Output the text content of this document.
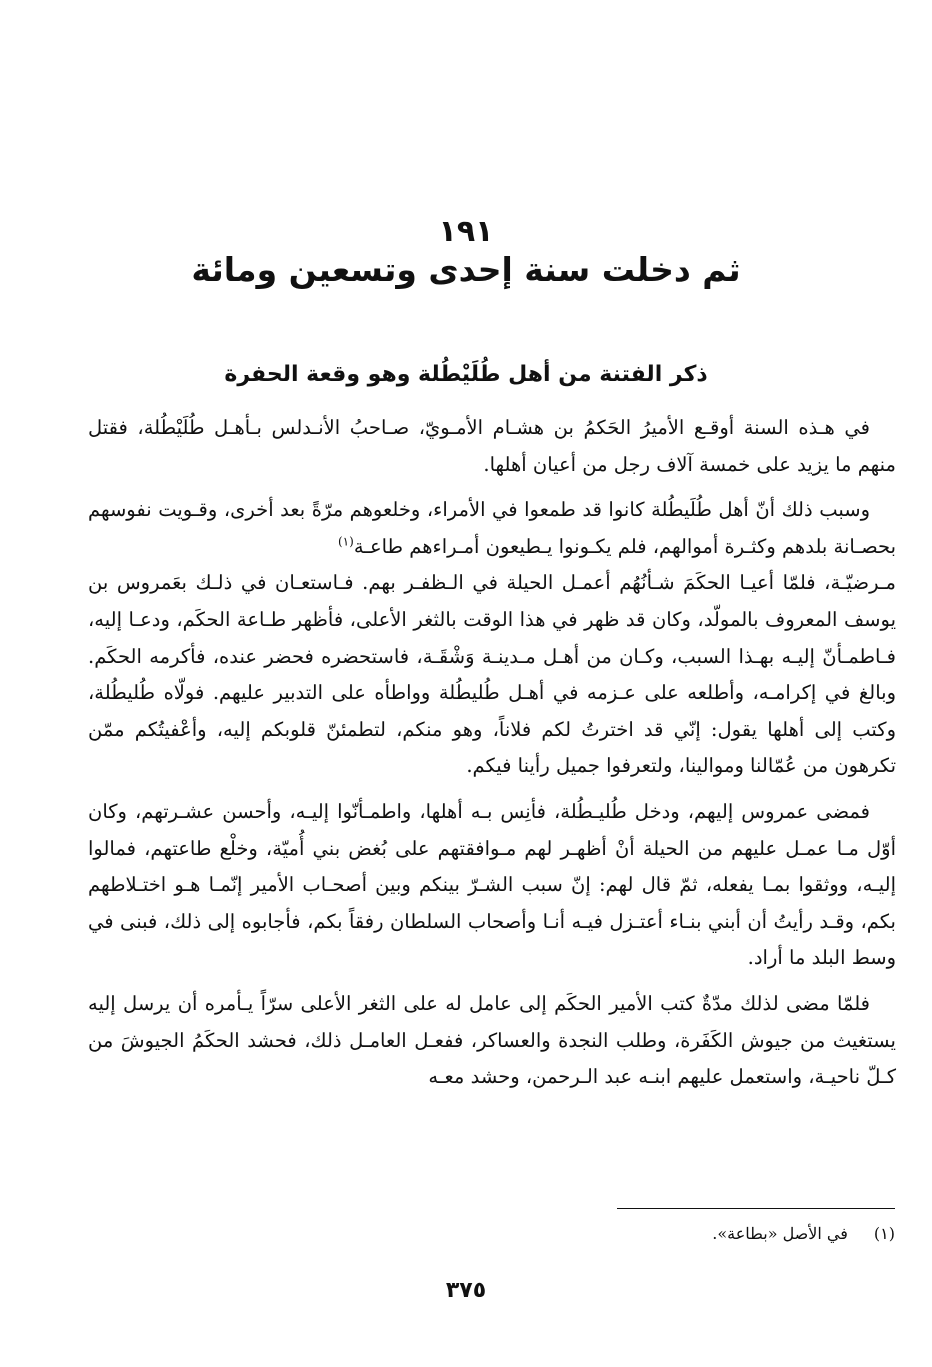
١٩١
ثم دخلت سنة إحدى وتسعين ومائة
ذكر الفتنة من أهل طُلَيْطُلة وهو وقعة الحفرة

في هـذه السنة أوقـع الأميرُ الحَكمُ بن هشـام الأمـويّ، صـاحبُ الأنـدلس بـأهـل طُلَيْطُلة، فقتل منهم ما يزيد على خمسة آلاف رجل من أعيان أهلها.

وسبب ذلك أنّ أهل طُلَيطُلة كانوا قد طمعوا في الأمراء، وخلعوهم مرّةً بعد أخرى، وقـويت نفوسهم بحصـانة بلدهم وكثـرة أموالهم، فلم يكـونوا يـطيعون أمـراءهم طاعـة$^{(١)}$

مـرضيّـة، فلمّا أعيـا الحكَمَ شـأنُهُم أعمـل الحيلة في الـظفـر بهم. فـاستعـان في ذلـك بعَمروس بن يوسف المعروف بالمولّد، وكان قد ظهر في هذا الوقت بالثغر الأعلى، فأظهر طـاعة الحكَم، ودعـا إليه، فـاطمـأنّ إليـه بهـذا السبب، وكـان من أهـل مـدينـة وَشْقَـة، فاستحضره فحضر عنده، فأكرمه الحكَم. وبالغ في إكرامـه، وأطلعه على عـزمه في أهـل طُليطُلة وواطأه على التدبير عليهم. فولّاه طُليطُلة، وكتب إلى أهلها يقول: إنّي قد اخترتُ لكم فلاناً، وهو منكم، لتطمئنّ قلوبكم إليه، وأعْفيتُكم ممّن تكرهون من عُمّالنا وموالينا، ولتعرفوا جميل رأينا فيكم.

فمضى عمروس إليهم، ودخل طُليـطُلة، فأنِس بـه أهلها، واطمـأنّوا إليـه، وأحسن عشـرتهم، وكان أوّل مـا عمـل عليهم من الحيلة أنْ أظهـر لهم مـوافقتهم على بُغض بني أُميّة، وخلْع طاعتهم، فمالوا إليـه، ووثقوا بمـا يفعله، ثمّ قال لهم: إنّ سبب الشـرّ بينكم وبين أصحـاب الأمير إنّمـا هـو اختـلاطهم بكم، وقـد رأيتُ أن أبني بنـاء أعتـزل فيـه أنـا وأصحاب السلطان رفقاً بكم، فأجابوه إلى ذلك، فبنى في وسط البلد ما أراد.

فلمّا مضى لذلك مدّةٌ كتب الأمير الحكَم إلى عامل له على الثغر الأعلى سرّاً يـأمره أن يرسل إليه يستغيث من جيوش الكَفَرة، وطلب النجدة والعساكر، ففعـل العامـل ذلك، فحشد الحكَمُ الجيوشَ من كـلّ ناحيـة، واستعمل عليهم ابنـه عبد الـرحمن، وحشد معـه

(١)في الأصل «بطاعة».
٣٧٥
